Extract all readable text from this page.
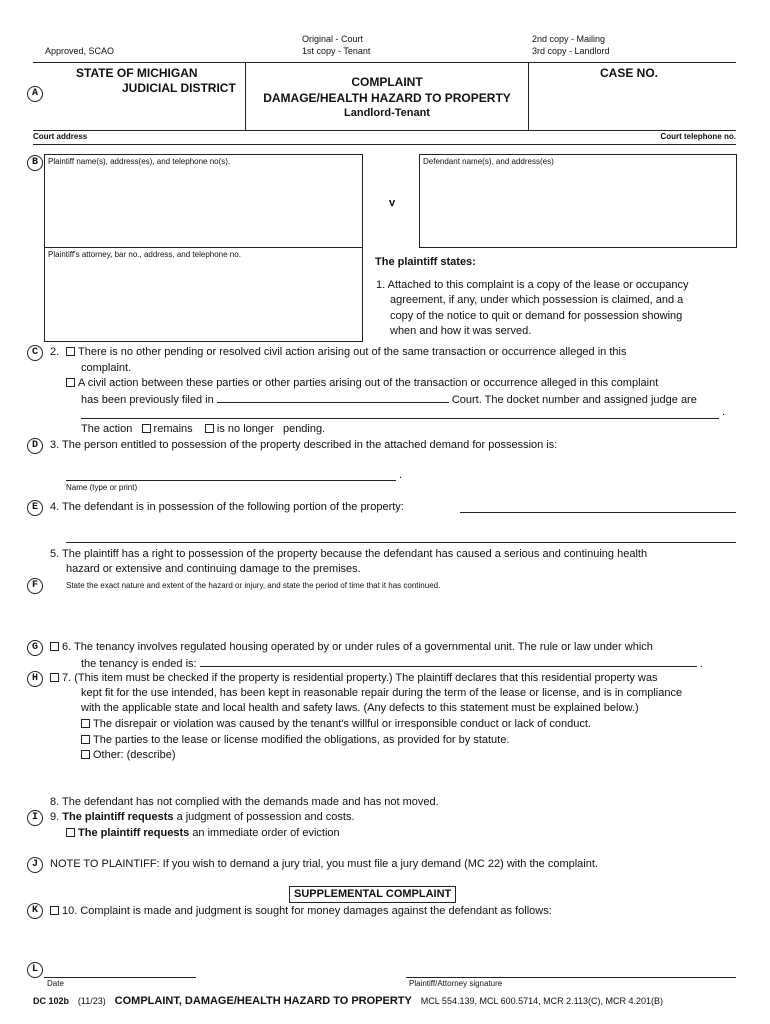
Approved, SCAO
Original - Court
1st copy - Tenant
2nd copy - Mailing
3rd copy - Landlord
A
STATE OF MICHIGAN
JUDICIAL DISTRICT	COMPLAINT
DAMAGE/HEALTH HAZARD TO PROPERTY
Landlord-Tenant
CASE NO.
Court address	Court telephone no.
B	Plaintiff name(s), address(es), and telephone no(s).
Plaintiff's attorney, bar no., address, and telephone no.
v
Defendant name(s), and address(es)
The plaintiff states:
1. Attached to this complaint is a copy of the lease or occupancy
agreement, if any, under which possession is claimed, and a
copy of the notice to quit or demand for possession showing
when and how it was served.
C	2.	There is no other pending or resolved civil action arising out of the same transaction or occurrence alleged in this
complaint.
A civil action between these parties or other parties arising out of the transaction or occurrence alleged in this complaint
has been previously filed in	Court. The docket number and assigned judge are
.
The action remains is no longer pending.
D	3. The person entitled to possession of the property described in the attached demand for possession is:
.
Name (type or print)
E	4. The defendant is in possession of the following portion of the property:
5. The plaintiff has a right to possession of the property because the defendant has caused a serious and continuing health
hazard or extensive and continuing damage to the premises.
F	State the exact nature and extent of the hazard or injury, and state the period of time that it has continued.
G	6. The tenancy involves regulated housing operated by or under rules of a governmental unit. The rule or law under which
the tenancy is ended is:	.
H	7. (This item must be checked if the property is residential property.) The plaintiff declares that this residential property was
kept fit for the use intended, has been kept in reasonable repair during the term of the lease or license, and is in compliance
with the applicable state and local health and safety laws. (Any defects to this statement must be explained below.)
The disrepair or violation was caused by the tenant's willful or irresponsible conduct or lack of conduct.
The parties to the lease or license modified the obligations, as provided for by statute.
Other: (describe)
8. The defendant has not complied with the demands made and has not moved.
I	9. The plaintiff requests a judgment of possession and costs.
The plaintiff requests an immediate order of eviction
J	NOTE TO PLAINTIFF: If you wish to demand a jury trial, you must file a jury demand (MC 22) with the complaint.
SUPPLEMENTAL COMPLAINT
K	10. Complaint is made and judgment is sought for money damages against the defendant as follows:
L
Date	Plaintiff/Attorney signature
DC 102b (11/23) COMPLAINT, DAMAGE/HEALTH HAZARD TO PROPERTY MCL 554.139, MCL 600.5714, MCR 2.113(C), MCR 4.201(B)
